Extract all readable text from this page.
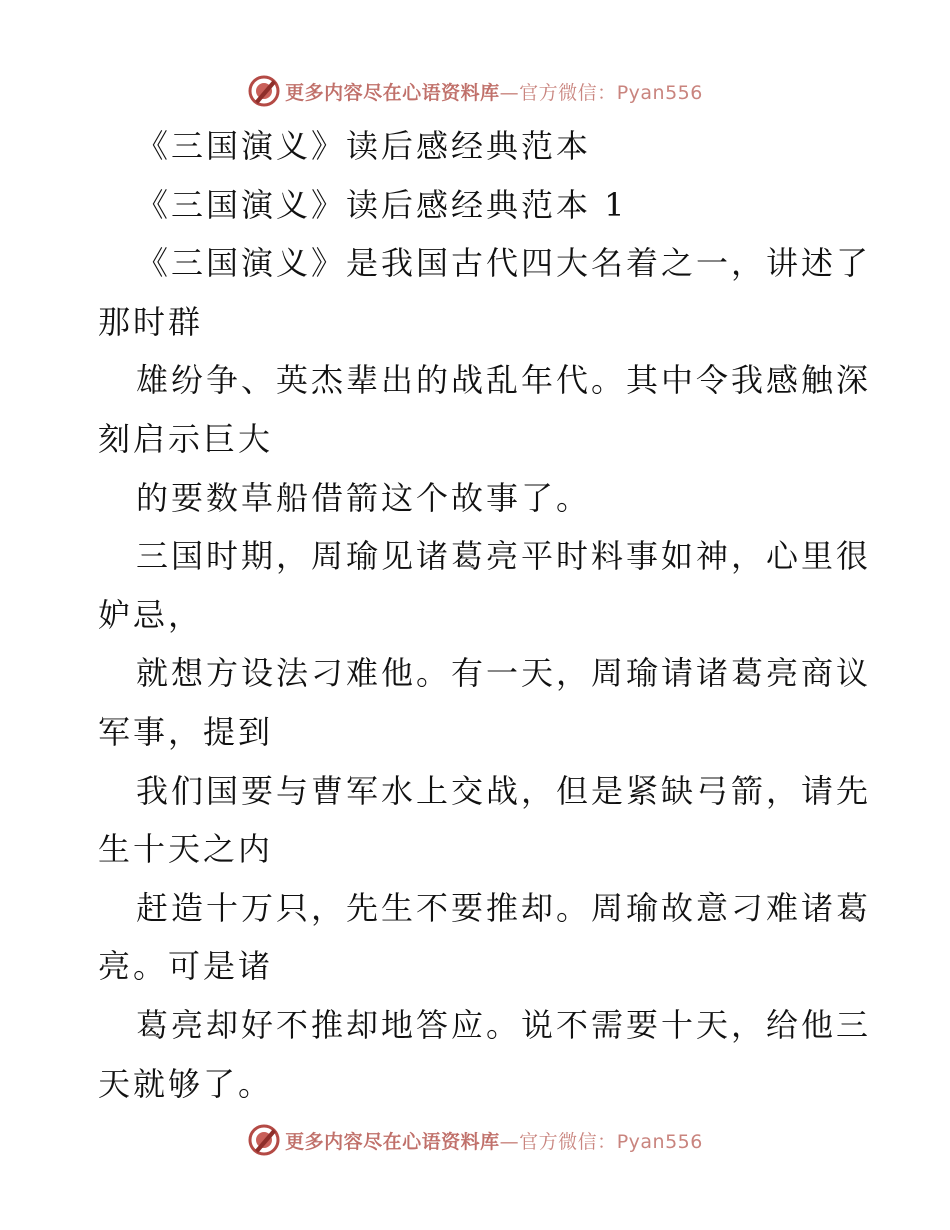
更多内容尽在心语资料库—官方微信：Pyan556
《三国演义》读后感经典范本
《三国演义》读后感经典范本 1
《三国演义》是我国古代四大名着之一，讲述了
那时群
雄纷争、英杰辈出的战乱年代。其中令我感触深
刻启示巨大
的要数草船借箭这个故事了。
三国时期，周瑜见诸葛亮平时料事如神，心里很
妒忌，
就想方设法刁难他。有一天，周瑜请诸葛亮商议
军事，提到
我们国要与曹军水上交战，但是紧缺弓箭，请先
生十天之内
赶造十万只，先生不要推却。周瑜故意刁难诸葛
亮。可是诸
葛亮却好不推却地答应。说不需要十天，给他三
天就够了。
更多内容尽在心语资料库—官方微信：Pyan556
